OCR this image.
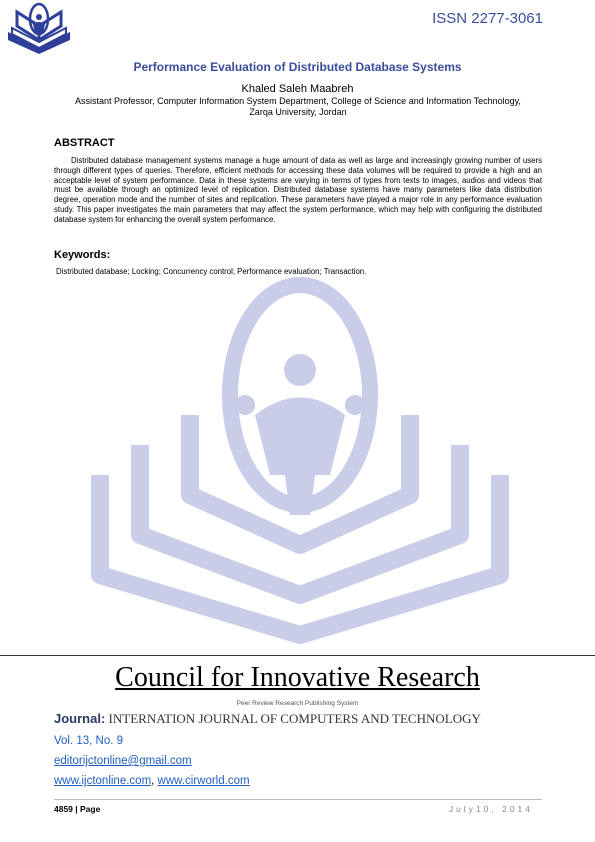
ISSN 2277-3061
Performance Evaluation of Distributed Database Systems
Khaled Saleh Maabreh
Assistant Professor, Computer Information System Department, College of Science and Information Technology, Zarqa University, Jordan
ABSTRACT
Distributed database management systems manage a huge amount of data as well as large and increasingly growing number of users through different types of queries. Therefore, efficient methods for accessing these data volumes will be required to provide a high and an acceptable level of system performance. Data in these systems are varying in terms of types from texts to images, audios and videos that must be available through an optimized level of replication. Distributed database systems have many parameters like data distribution degree, operation mode and the number of sites and replication. These parameters have played a major role in any performance evaluation study. This paper investigates the main parameters that may affect the system performance, which may help with configuring the distributed database system for enhancing the overall system performance.
Keywords:
Distributed database; Locking; Concurrency control; Performance evaluation; Transaction.
Council for Innovative Research
Peer Review Research Publishing System
Journal: INTERNATION JOURNAL OF COMPUTERS AND TECHNOLOGY
Vol. 13, No. 9
editorijctonline@gmail.com
www.ijctonline.com, www.cirworld.com
4859 | Page	July10, 2014
